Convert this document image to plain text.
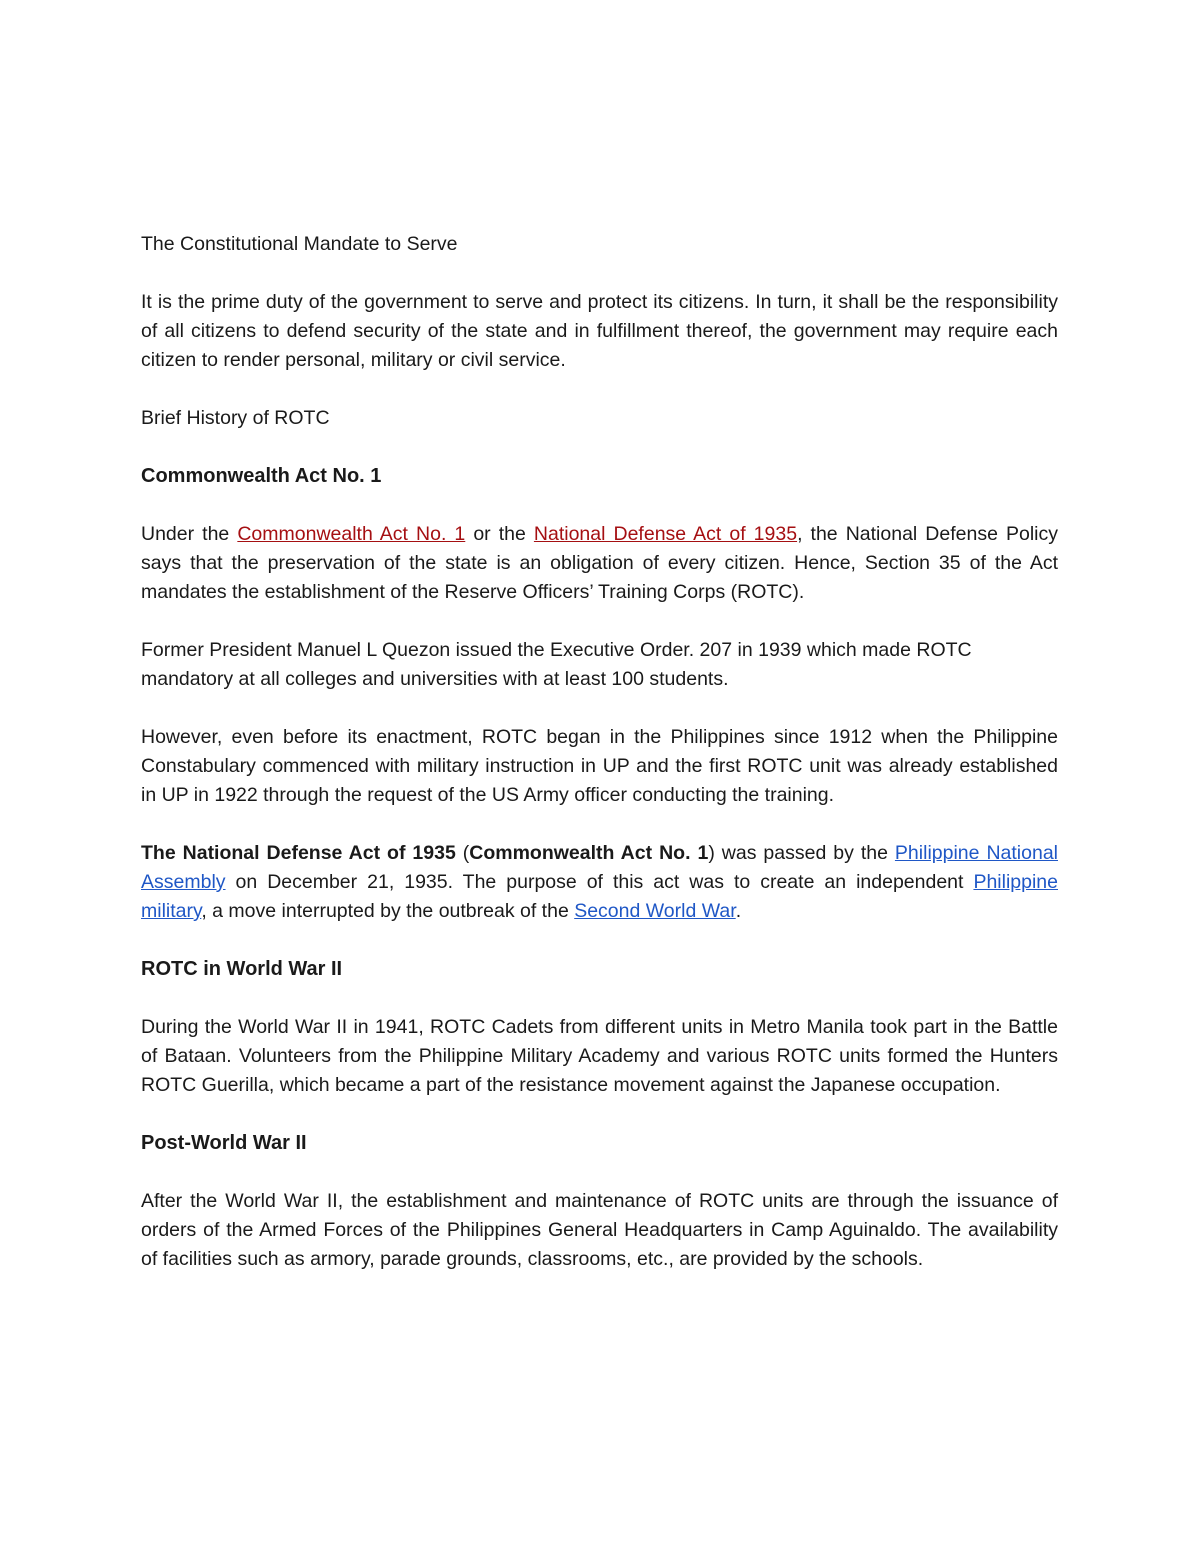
The Constitutional Mandate to Serve

It is the prime duty of the government to serve and protect its citizens. In turn, it shall be the responsibility of all citizens to defend security of the state and in fulfillment thereof, the government may require each citizen to render personal, military or civil service.

Brief History of ROTC

Commonwealth Act No. 1

Under the Commonwealth Act No. 1 or the National Defense Act of 1935, the National Defense Policy says that the preservation of the state is an obligation of every citizen. Hence, Section 35 of the Act mandates the establishment of the Reserve Officers’ Training Corps (ROTC).

Former President Manuel L Quezon issued the Executive Order. 207 in 1939 which made ROTC mandatory at all colleges and universities with at least 100 students.

However, even before its enactment, ROTC began in the Philippines since 1912 when the Philippine Constabulary commenced with military instruction in UP and the first ROTC unit was already established in UP in 1922 through the request of the US Army officer conducting the training.

The National Defense Act of 1935 (Commonwealth Act No. 1) was passed by the Philippine National Assembly on December 21, 1935. The purpose of this act was to create an independent Philippine military, a move interrupted by the outbreak of the Second World War.

ROTC in World War II

During the World War II in 1941, ROTC Cadets from different units in Metro Manila took part in the Battle of Bataan. Volunteers from the Philippine Military Academy and various ROTC units formed the Hunters ROTC Guerilla, which became a part of the resistance movement against the Japanese occupation.

Post-World War II

After the World War II, the establishment and maintenance of ROTC units are through the issuance of orders of the Armed Forces of the Philippines General Headquarters in Camp Aguinaldo. The availability of facilities such as armory, parade grounds, classrooms, etc., are provided by the schools.
